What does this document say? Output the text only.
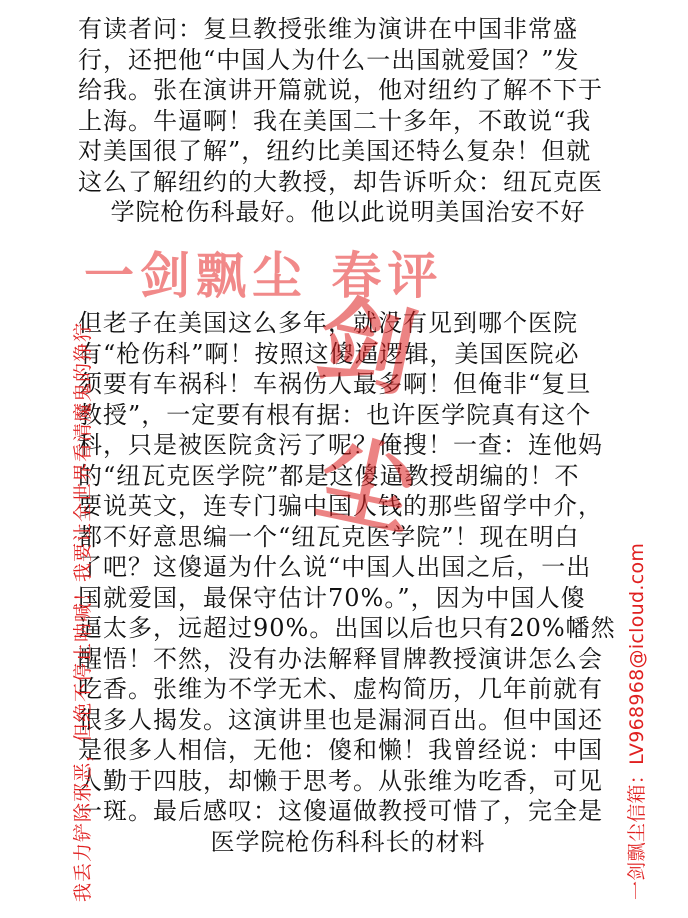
有读者问：复旦教授张维为演讲在中国非常盛
行，还把他“中国人为什么一出国就爱国？”发
给我。张在演讲开篇就说，他对纽约了解不下于
上海。牛逼啊！我在美国二十多年，不敢说“我
对美国很了解”，纽约比美国还特么复杂！但就
这么了解纽约的大教授，却告诉听众：纽瓦克医
学院枪伤科最好。他以此说明美国治安不好
一剑飘尘 春评
但老子在美国这么多年，就没有见到哪个医院
有“枪伤科”啊！按照这傻逼逻辑，美国医院必
须要有车祸科！车祸伤人最多啊！但俺非“复旦
教授”，一定要有根有据：也许医学院真有这个
科，只是被医院贪污了呢？俺搜！一查：连他妈
的“纽瓦克医学院”都是这傻逼教授胡编的！不
要说英文，连专门骗中国人钱的那些留学中介，
都不好意思编一个“纽瓦克医学院”！现在明白
了吧？这傻逼为什么说“中国人出国之后，一出
国就爱国，最保守估计70%。”，因为中国人傻
逼太多，远超过90%。出国以后也只有20%幡然
醒悟！不然，没有办法解释冒牌教授演讲怎么会
吃香。张维为不学无术、虚构简历，几年前就有
很多人揭发。这演讲里也是漏洞百出。但中国还
是很多人相信，无他：傻和懒！我曾经说：中国
人勤于四肢，却懒于思考。从张维为吃香，可见
一斑。最后感叹：这傻逼做教授可惜了，完全是
医学院枪伤科科长的材料
剑
尘
我丢力铲除邪恶，但绝不停止呐喊！我要让全世界看清魔鬼的狰狞	一剑飘尘信箱：LV968968@icloud.com
